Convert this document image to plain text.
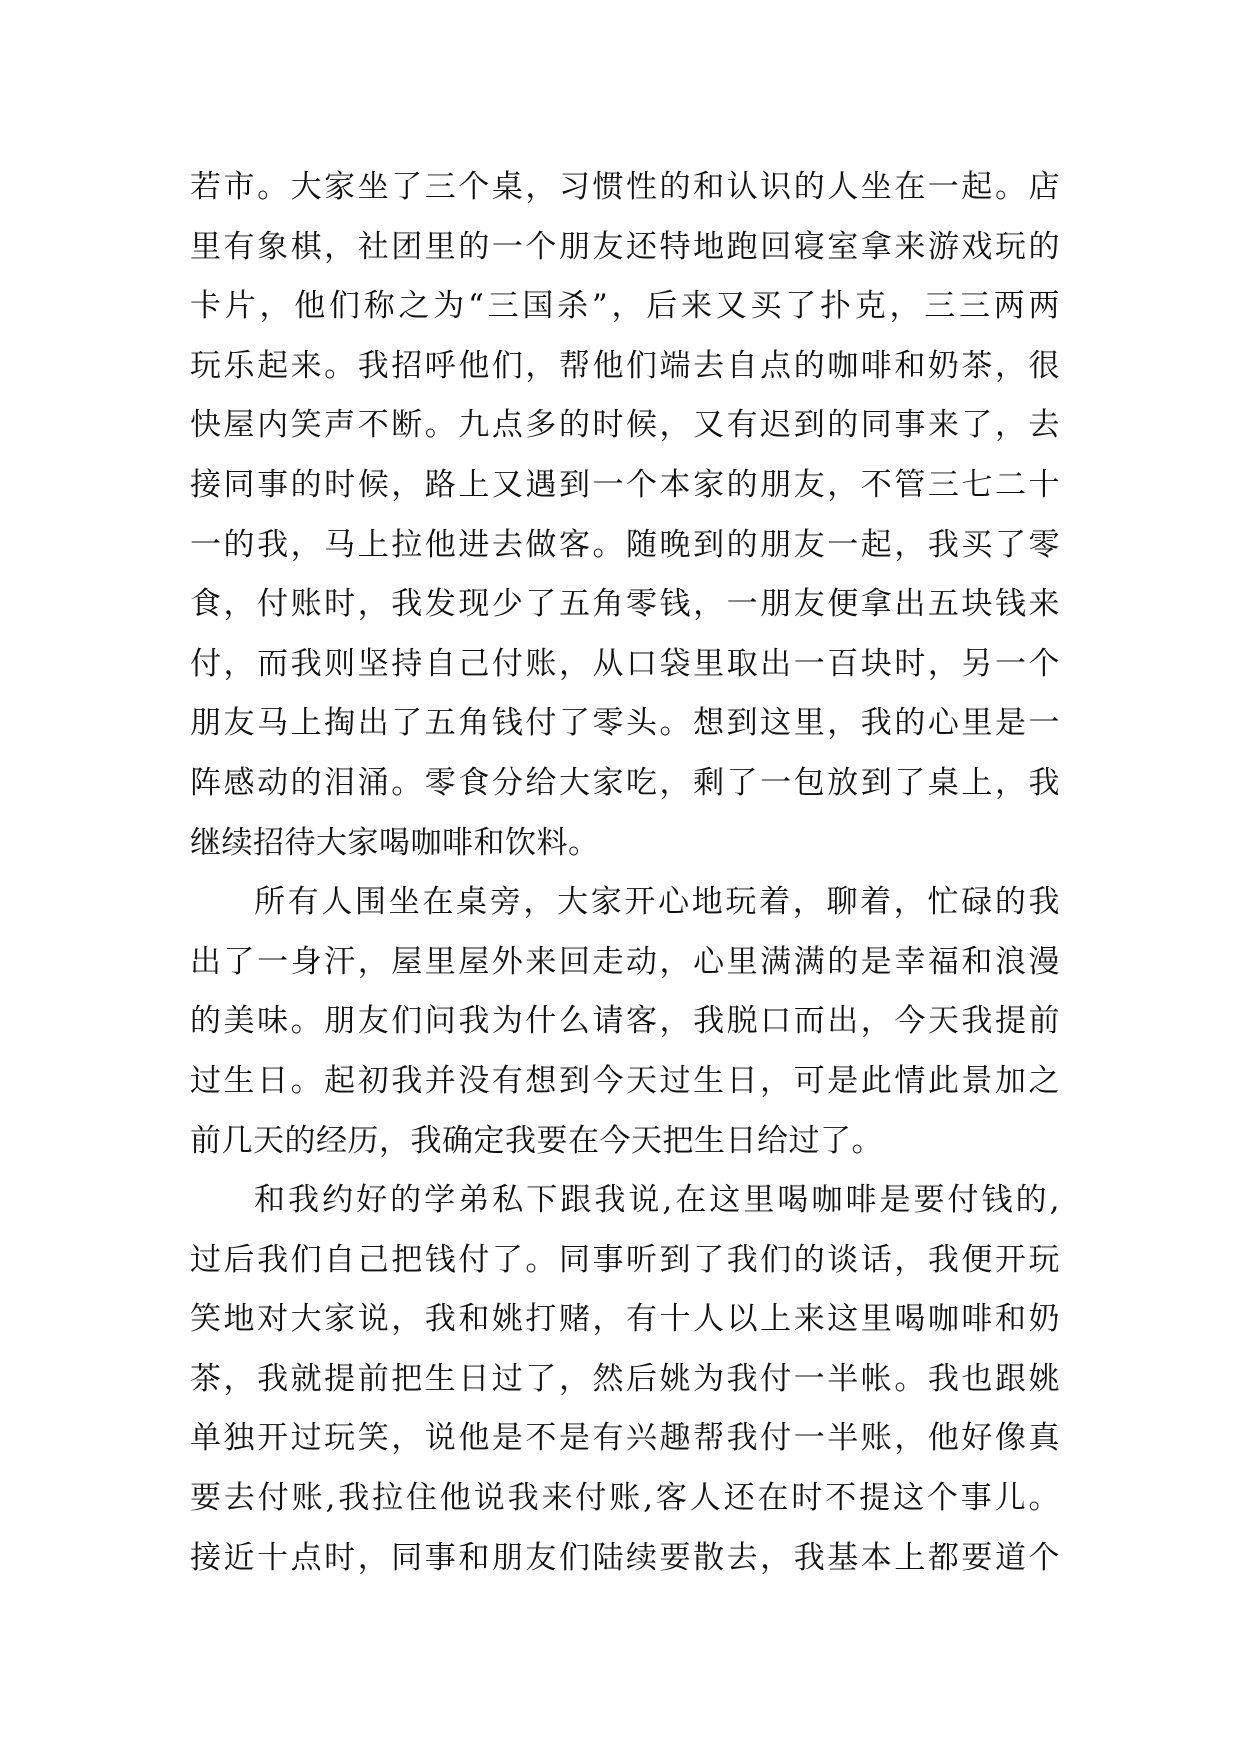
若市。大家坐了三个桌，习惯性的和认识的人坐在一起。店
里有象棋，社团里的一个朋友还特地跑回寝室拿来游戏玩的
卡片，他们称之为“三国杀”，后来又买了扑克，三三两两
玩乐起来。我招呼他们，帮他们端去自点的咖啡和奶茶，很
快屋内笑声不断。九点多的时候，又有迟到的同事来了，去
接同事的时候，路上又遇到一个本家的朋友，不管三七二十
一的我，马上拉他进去做客。随晚到的朋友一起，我买了零
食，付账时，我发现少了五角零钱，一朋友便拿出五块钱来
付，而我则坚持自己付账，从口袋里取出一百块时，另一个
朋友马上掏出了五角钱付了零头。想到这里，我的心里是一
阵感动的泪涌。零食分给大家吃，剩了一包放到了桌上，我
继续招待大家喝咖啡和饮料。
所有人围坐在桌旁，大家开心地玩着，聊着，忙碌的我
出了一身汗，屋里屋外来回走动，心里满满的是幸福和浪漫
的美味。朋友们问我为什么请客，我脱口而出，今天我提前
过生日。起初我并没有想到今天过生日，可是此情此景加之
前几天的经历，我确定我要在今天把生日给过了。
和我约好的学弟私下跟我说,在这里喝咖啡是要付钱的,
过后我们自己把钱付了。同事听到了我们的谈话，我便开玩
笑地对大家说，我和姚打赌，有十人以上来这里喝咖啡和奶
茶，我就提前把生日过了，然后姚为我付一半帐。我也跟姚
单独开过玩笑，说他是不是有兴趣帮我付一半账，他好像真
要去付账,我拉住他说我来付账,客人还在时不提这个事儿。
接近十点时，同事和朋友们陆续要散去，我基本上都要道个
